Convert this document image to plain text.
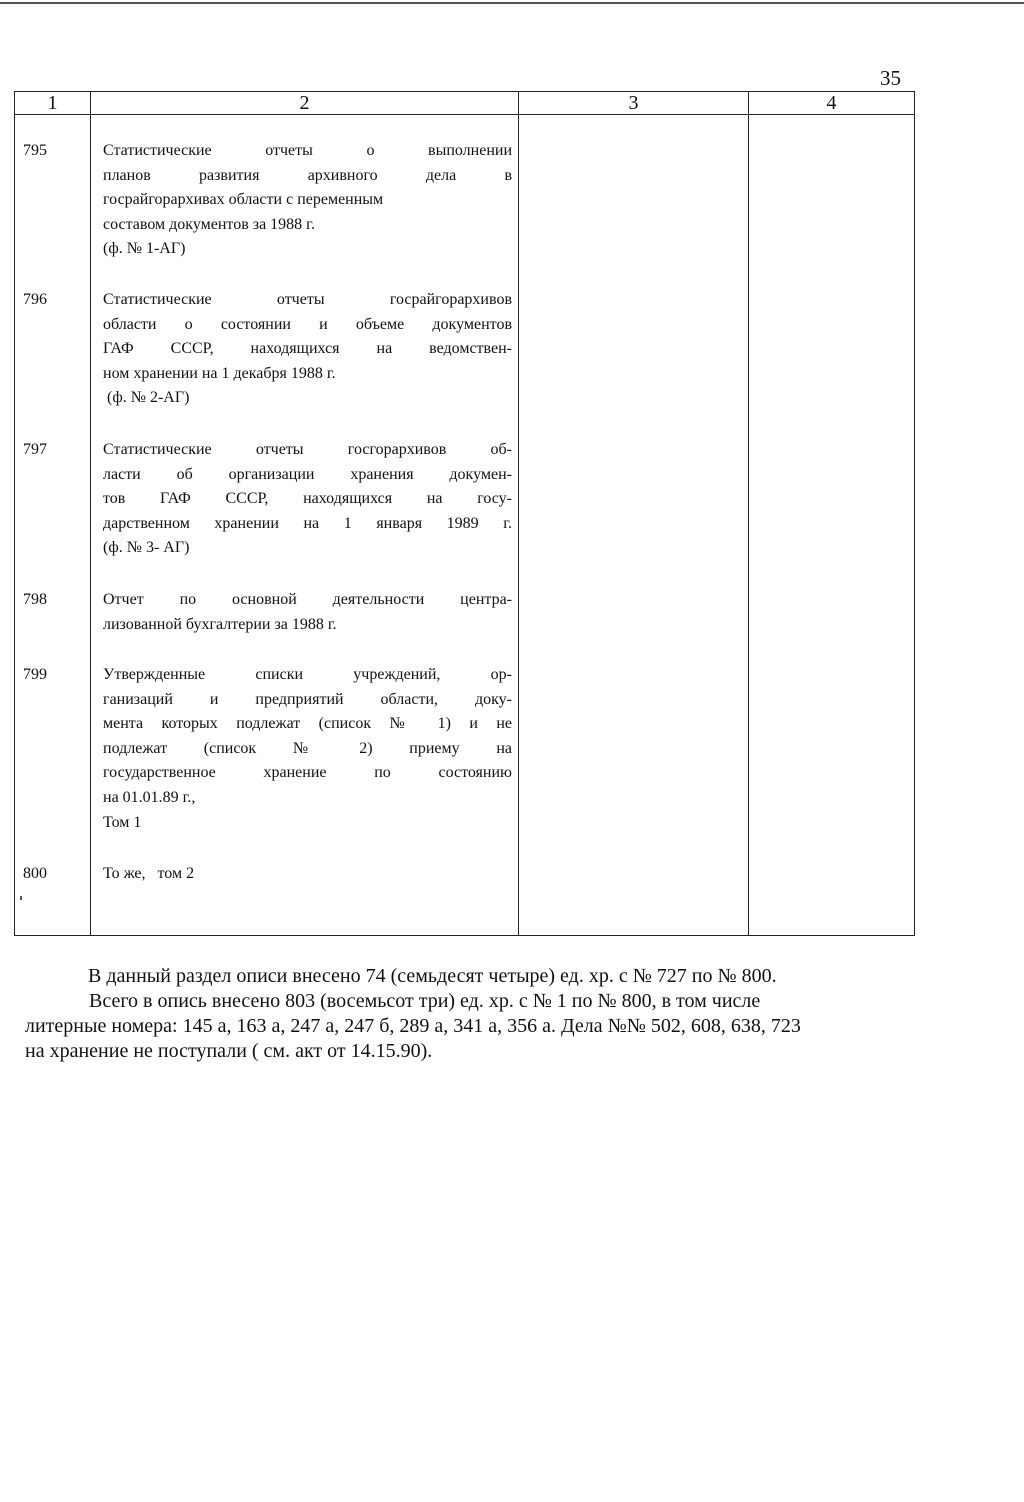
35
1	2	3	4

795	Статистические отчеты о выполнении
планов развития архивного дела в
госрайгорархивах области с переменным
составом документов за 1988 г.
(ф. № 1-АГ)
796	Статистические отчеты госрайгорархивов
области о состоянии и объеме документов
ГАФ СССР, находящихся на ведомствен-
ном хранении на 1 декабря 1988 г.
(ф. № 2-АГ)
797	Статистические отчеты госгорархивов об-
ласти об организации хранения докумен-
тов ГАФ СССР, находящихся на госу-
дарственном хранении на 1 января 1989 г.
(ф. № 3- АГ)
798	Отчет по основной деятельности центра-
лизованной бухгалтерии за 1988 г.
799	Утвержденные списки учреждений, ор-
ганизаций и предприятий области, доку-
мента которых подлежат (список № 1) и не
подлежат  (список  №  2)  приему  на
государственное хранение по состоянию
на 01.01.89 г.,
Том 1
800	То же,   том 2

В данный раздел описи внесено 74 (семьдесят четыре) ед. хр. с № 727 по № 800.

Всего в опись внесено 803 (восемьсот три) ед. хр. с № 1 по № 800, в том числе

литерные номера: 145 а, 163 а, 247 а, 247 б, 289 а, 341 а, 356 а. Дела №№ 502, 608, 638, 723

на хранение не поступали ( см. акт от 14.15.90).
